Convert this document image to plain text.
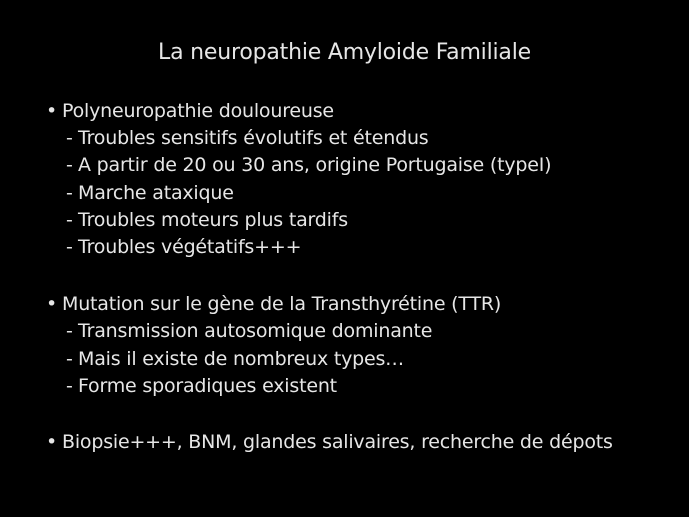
La neuropathie Amyloide Familiale
• Polyneuropathie douloureuse
- Troubles sensitifs évolutifs et étendus
- A partir de 20 ou 30 ans, origine Portugaise (typeI)
- Marche ataxique
- Troubles moteurs plus tardifs
- Troubles végétatifs+++
• Mutation sur le gène de la Transthyrétine (TTR)
- Transmission autosomique dominante
- Mais il existe de nombreux types…
- Forme sporadiques existent
• Biopsie+++, BNM, glandes salivaires, recherche de dépots
